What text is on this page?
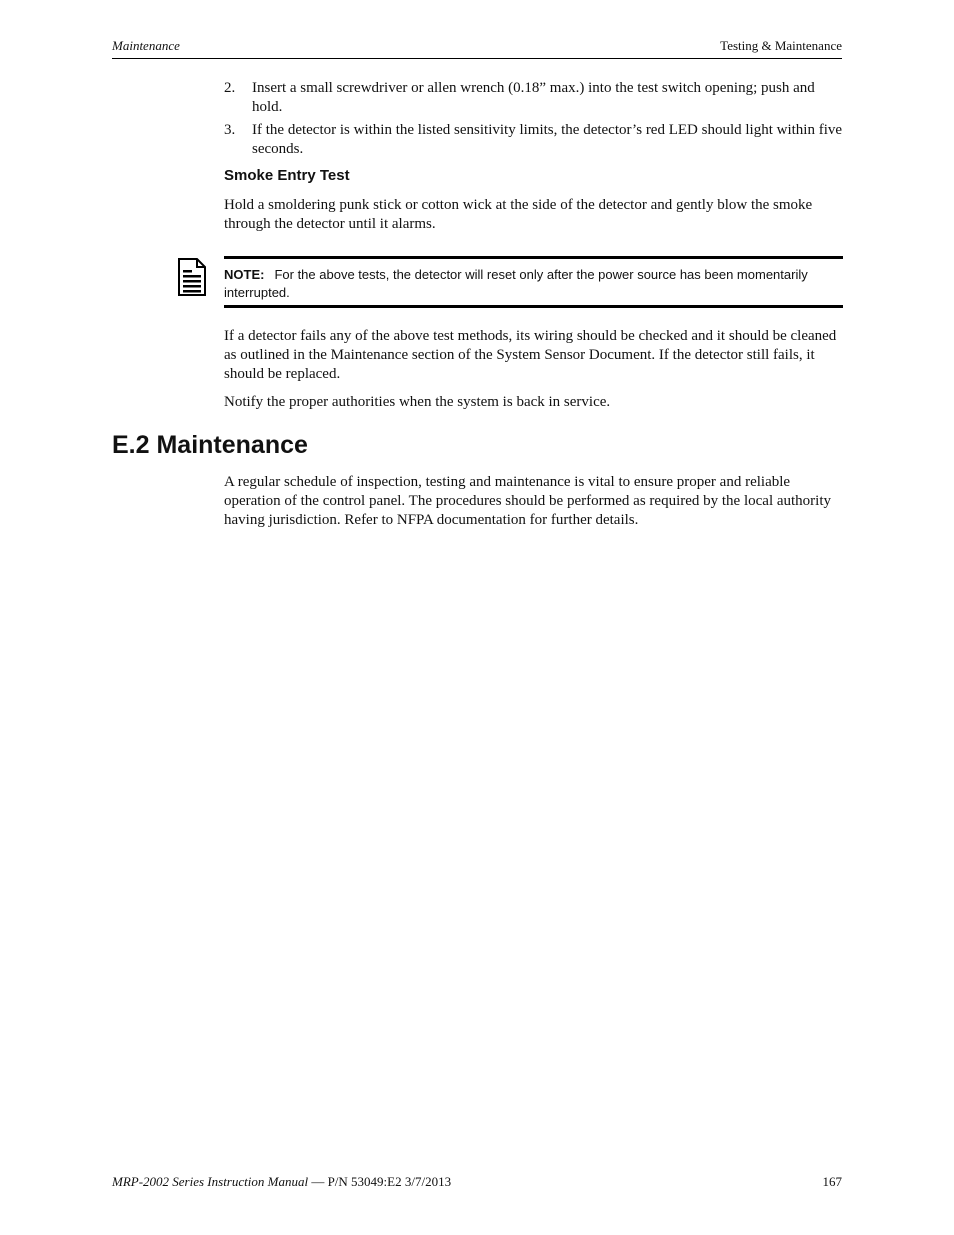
Maintenance	Testing & Maintenance
2. Insert a small screwdriver or allen wrench (0.18” max.) into the test switch opening; push and hold.
3. If the detector is within the listed sensitivity limits, the detector’s red LED should light within five seconds.
Smoke Entry Test
Hold a smoldering punk stick or cotton wick at the side of the detector and gently blow the smoke through the detector until it alarms.
NOTE: For the above tests, the detector will reset only after the power source has been momentarily interrupted.
If a detector fails any of the above test methods, its wiring should be checked and it should be cleaned as outlined in the Maintenance section of the System Sensor Document. If the detector still fails, it should be replaced.
Notify the proper authorities when the system is back in service.
E.2 Maintenance
A regular schedule of inspection, testing and maintenance is vital to ensure proper and reliable operation of the control panel. The procedures should be performed as required by the local authority having jurisdiction. Refer to NFPA documentation for further details.
MRP-2002 Series Instruction Manual — P/N 53049:E2 3/7/2013	167
